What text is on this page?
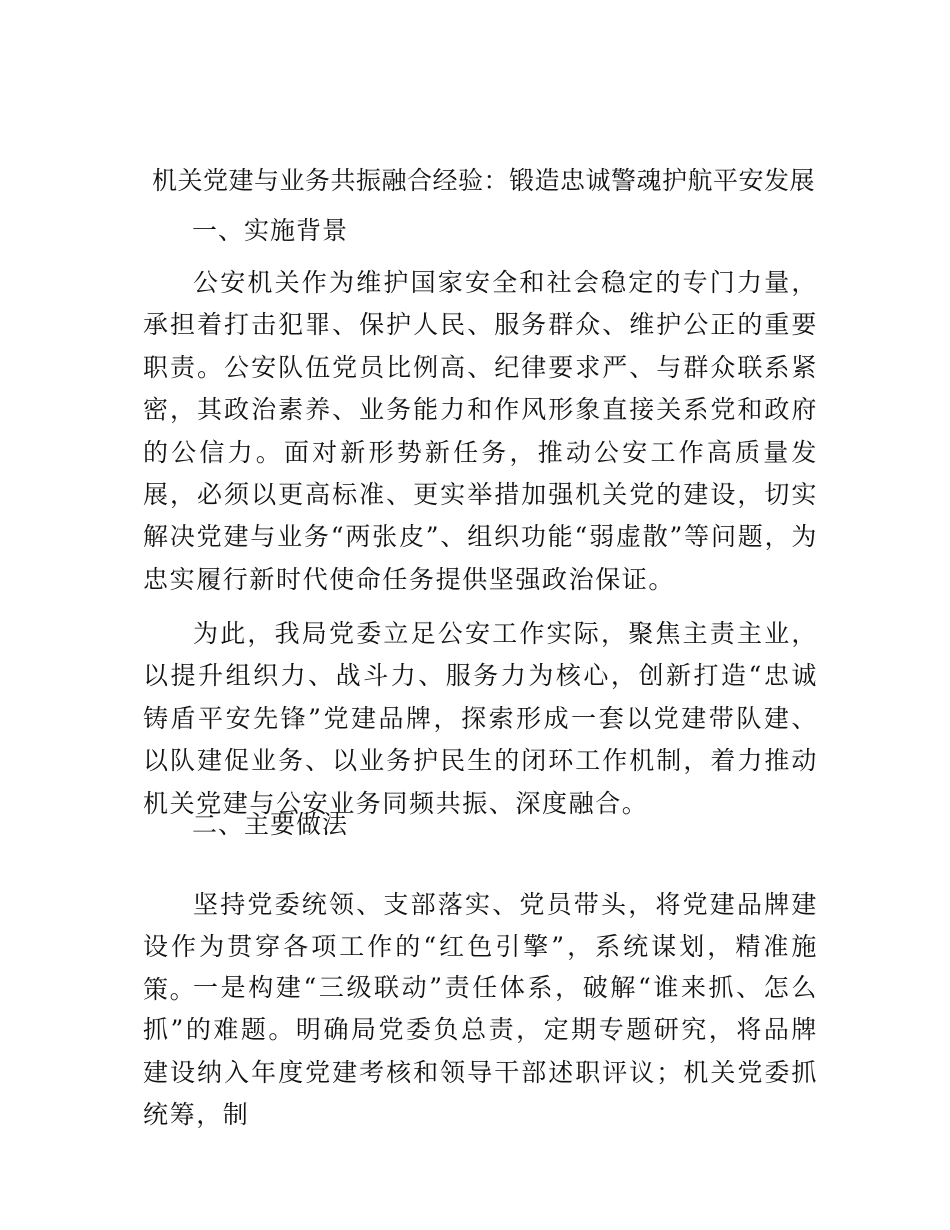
机关党建与业务共振融合经验：锻造忠诚警魂护航平安发展
一、实施背景

公安机关作为维护国家安全和社会稳定的专门力量，承担着打击犯罪、保护人民、服务群众、维护公正的重要职责。公安队伍党员比例高、纪律要求严、与群众联系紧密，其政治素养、业务能力和作风形象直接关系党和政府的公信力。面对新形势新任务，推动公安工作高质量发展，必须以更高标准、更实举措加强机关党的建设，切实解决党建与业务“两张皮”、组织功能“弱虚散”等问题，为忠实履行新时代使命任务提供坚强政治保证。

为此，我局党委立足公安工作实际，聚焦主责主业，以提升组织力、战斗力、服务力为核心，创新打造“忠诚铸盾平安先锋”党建品牌，探索形成一套以党建带队建、以队建促业务、以业务护民生的闭环工作机制，着力推动机关党建与公安业务同频共振、深度融合。

二、主要做法

坚持党委统领、支部落实、党员带头，将党建品牌建设作为贯穿各项工作的“红色引擎”，系统谋划，精准施策。

一是构建“三级联动”责任体系，破解“谁来抓、怎么抓”的难题。明确局党委负总责，定期专题研究，将品牌建设纳入年度党建考核和领导干部述职评议；机关党委抓统筹，制
